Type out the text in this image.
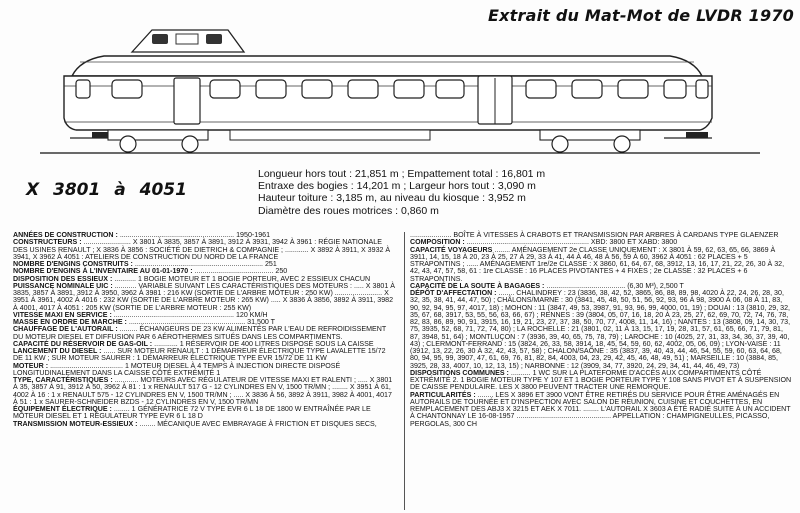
Extrait du Mat-Mot de LVDR 1970
X 3801 à 4051
Longueur hors tout : 21,851 m ; Empattement total : 16,801 m
Entraxe des bogies : 14,201 m ; Largeur hors tout : 3,090 m
Hauteur toiture : 3,185 m, au niveau du kiosque : 3,952 m
Diamètre des roues motrices : 0,860 m
ANNÉES DE CONSTRUCTION : .......................................................... 1950-1961
CONSTRUCTEURS : ........................ X 3801 À 3835, 3857 À 3891, 3912 À 3931, 3942 À 3961 : RÉGIE NATIONALE DES USINES RENAULT ; X 3836 À 3856 : SOCIÉTÉ DE DIETRICH & COMPAGNIE ; ............ X 3892 À 3911, X 3932 À 3941, X 3962 À 4051 : ATELIERS DE CONSTRUCTION DU NORD DE LA FRANCE
NOMBRE D'ENGINS CONSTRUITS : ................................................................. 251
NOMBRE D'ENGINS À L'INVENTAIRE AU 01-01-1970 : ........................................ 250
DISPOSITION DES ESSIEUX : ........... 1 BOGIE MOTEUR ET 1 BOGIE PORTEUR, AVEC 2 ESSIEUX CHACUN
PUISSANCE NOMINALE UIC : ........... VARIABLE SUIVANT LES CARACTÉRISTIQUES DES MOTEURS : ..... X 3801 À 3835, 3857 À 3891, 3912 À 3950, 3962 À 3981 : 216 KW (SORTIE DE L'ARBRE MOTEUR : 250 KW) ........................ X 3951 À 3961, 4002 À 4016 : 232 KW (SORTIE DE L'ARBRE MOTEUR : 265 KW) ..... X 3836 À 3856, 3892 À 3911, 3982 À 4001, 4017 À 4051 : 205 KW (SORTIE DE L'ARBRE MOTEUR : 255 KW)
VITESSE MAXI EN SERVICE : ............................................................. 120 KM/H
MASSE EN ORDRE DE MARCHE : ........................................................... 31,500 T
CHAUFFAGE DE L'AUTORAIL : ......... ÉCHANGEURS DE 23 KW ALIMENTÉS PAR L'EAU DE REFROIDISSEMENT DU MOTEUR DIESEL ET DIFFUSION PAR 6 AÉROTHERMES SITUÉS DANS LES COMPARTIMENTS.
CAPACITÉ DU RÉSERVOIR DE GAS-OIL : ............ 1 RÉSERVOIR DE 400 LITRES DISPOSÉ SOUS LA CAISSE
LANCEMENT DU DIESEL : ...... SUR MOTEUR RENAULT : 1 DÉMARREUR ÉLECTRIQUE TYPE LAVALETTE 15/72 DE 11 KW ; SUR MOTEUR SAURER : 1 DÉMARREUR ÉLECTRIQUE TYPE EVR 15/72 DE 11 KW
MOTEUR : ..................................... 1 MOTEUR DIESEL À 4 TEMPS À INJECTION DIRECTE DISPOSÉ LONGITUDINALEMENT DANS LA CAISSE CÔTÉ EXTRÉMITÉ 1
TYPE, CARACTÉRISTIQUES : ............ MOTEURS AVEC RÉGULATEUR DE VITESSE MAXI ET RALENTI ; ..... X 3801 À 35, 3857 À 91, 3912 À 50, 3962 À 81 : 1 x RENAULT 517 G - 12 CYLINDRES EN V, 1500 TR/MN ; ........ X 3951 À 61, 4002 À 16 : 1 x RENAULT 575 - 12 CYLINDRES EN V, 1500 TR/MN ; ..... X 3836 À 56, 3892 À 3911, 3982 À 4001, 4017 À 51 : 1 x SAURER-SCHNEIDER BZDS - 12 CYLINDRES EN V, 1500 TR/MN
ÉQUIPEMENT ÉLECTRIQUE : ........ 1 GÉNÉRATRICE 72 V TYPE EVR 6 L 18 DE 1800 W ENTRAÎNÉE PAR LE MOTEUR DIESEL ET 1 RÉGULATEUR TYPE EVR 6 L 18 D
TRANSMISSION MOTEUR-ESSIEUX : ........ MÉCANIQUE AVEC EMBRAYAGE À FRICTION ET DISQUES SECS,
..................... BOÎTE À VITESSES À CRABOTS ET TRANSMISSION PAR ARBRES À CARDANS TYPE GLAENZER
COMPOSITION : .............................................................. XBD: 3800 ET XABD: 3800
CAPACITÉ VOYAGEURS ........ AMÉNAGEMENT 2e CLASSE UNIQUEMENT : X 3801 À 59, 62, 63, 65, 66, 3869 À 3911, 14, 15, 18 À 20, 23 À 25, 27 À 29, 33 À 41, 44 À 46, 48 À 56, 59 À 60, 3962 À 4051 : 62 PLACES + 5 STRAPONTINS ; ...... AMÉNAGEMENT 1re/2e CLASSE : X 3860, 61, 64, 67, 68, 3912, 13, 16, 17, 21, 22, 26, 30 À 32, 42, 43, 47, 57, 58, 61 : 1re CLASSE : 16 PLACES PIVOTANTES + 4 FIXES ; 2e CLASSE : 32 PLACES + 6 STRAPONTINS.
CAPACITÉ DE LA SOUTE À BAGAGES : ........................................ (6,30 M³), 2,500 T
DÉPÔT D'AFFECTATION : ........ CHALINDREY : 23 (3836, 38, 42, 52, 3865, 86, 88, 89, 98, 4020 À 22, 24, 26, 28, 30, 32, 35, 38, 41, 44, 47, 50) ; CHÂLONS/MARNE : 30 (3841, 45, 48, 50, 51, 56, 92, 93, 96 À 98, 3900 À 06, 08 À 11, 83, 90, 92, 94, 95, 97, 4017, 18) ; MOHON : 11 (3847, 49, 53, 3987, 91, 93, 96, 99, 4000, 01, 19) ; DOUAI : 13 (3810, 29, 32, 35, 67, 68, 3917, 53, 55, 56, 63, 66, 67) ; RENNES : 39 (3804, 05, 07, 16, 18, 20 À 23, 25, 27, 62, 69, 70, 72, 74, 76, 78, 82, 83, 86, 89, 90, 91, 3915, 16, 19, 21, 23, 27, 37, 38, 50, 70, 77, 4008, 11, 14, 16) ; NANTES : 13 (3808, 09, 14, 30, 73, 75, 3935, 52, 68, 71, 72, 74, 80) ; LA ROCHELLE : 21 (3801, 02, 11 À 13, 15, 17, 19, 28, 31, 57, 61, 65, 66, 71, 79, 81, 87, 3948, 51, 64) ; MONTLUÇON : 7 (3936, 39, 40, 65, 75, 78, 79) ; LAROCHE : 10 (4025, 27, 31, 33, 34, 36, 37, 39, 40, 43) ; CLERMONT-FERRAND : 15 (3824, 26, 33, 58, 3914, 18, 45, 54, 59, 60, 62, 4002, 05, 06, 09) ; LYON-VAISE : 11 (3912, 13, 22, 26, 30 À 32, 42, 43, 57, 58) ; CHALON/SAÔNE : 35 (3837, 39, 40, 43, 44, 46, 54, 55, 59, 60, 63, 64, 68, 80, 94, 95, 99, 3907, 47, 61, 69, 76, 81, 82, 84, 4003, 04, 23, 29, 42, 45, 46, 48, 49, 51) ; MARSEILLE : 10 (3884, 85, 3925, 28, 33, 4007, 10, 12, 13, 15) ; NARBONNE : 12 (3909, 34, 77, 3920, 24, 29, 34, 41, 44, 46, 49, 73)
DISPOSITIONS COMMUNES : .......... 1 WC SUR LA PLATEFORME D'ACCÈS AUX COMPARTIMENTS CÔTÉ EXTRÉMITÉ 2. 1 BOGIE MOTEUR TYPE Y 107 ET 1 BOGIE PORTEUR TYPE Y 108 SANS PIVOT ET À SUSPENSION DE CAISSE PENDULAIRE. LES X 3800 PEUVENT TRACTER UNE REMORQUE.
PARTICULARITÉS : ........ LES X 3896 ET 3900 VONT ÊTRE RETIRÉS DU SERVICE POUR ÊTRE AMÉNAGÉS EN AUTORAILS DE TOURNÉE ET D'INSPECTION AVEC SALON DE RÉUNION, CUISINE ET COUCHETTES, EN REMPLACEMENT DES ABJ3 X 3215 ET AEK X 7011. ........ L'AUTORAIL X 3603 A ÉTÉ RADIÉ SUITE À UN ACCIDENT À CHANTONNAY LE 16-08-1957 ................................................ APPELLATION : CHAMPIGNEULLES, PICASSO, PERGOLAS, 300 CH
